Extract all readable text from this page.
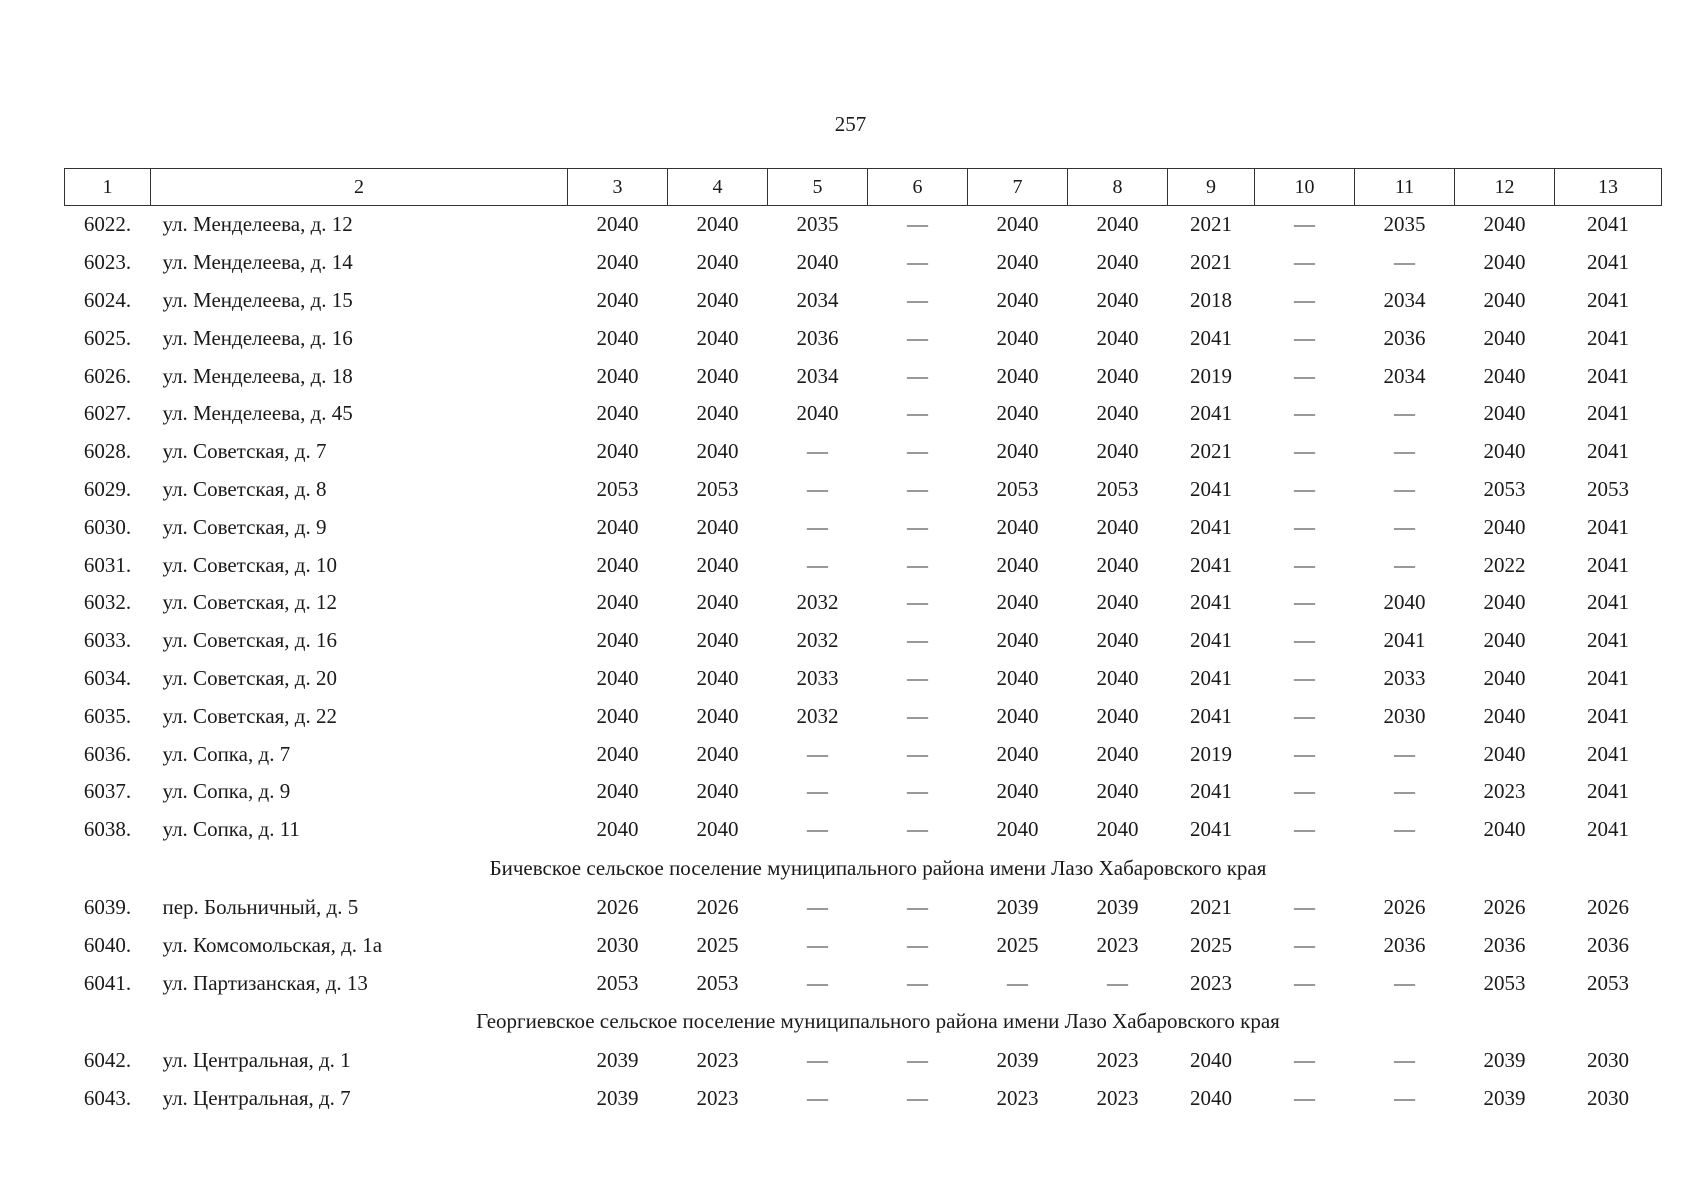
257
1	2	3	4	5	6	7	8	9	10	11	12	13
6022.	ул. Менделеева, д. 12	2040	2040	2035	—	2040	2040	2021	—	2035	2040	2041
6023.	ул. Менделеева, д. 14	2040	2040	2040	—	2040	2040	2021	—	—	2040	2041
6024.	ул. Менделеева, д. 15	2040	2040	2034	—	2040	2040	2018	—	2034	2040	2041
6025.	ул. Менделеева, д. 16	2040	2040	2036	—	2040	2040	2041	—	2036	2040	2041
6026.	ул. Менделеева, д. 18	2040	2040	2034	—	2040	2040	2019	—	2034	2040	2041
6027.	ул. Менделеева, д. 45	2040	2040	2040	—	2040	2040	2041	—	—	2040	2041
6028.	ул. Советская, д. 7	2040	2040	—	—	2040	2040	2021	—	—	2040	2041
6029.	ул. Советская, д. 8	2053	2053	—	—	2053	2053	2041	—	—	2053	2053
6030.	ул. Советская, д. 9	2040	2040	—	—	2040	2040	2041	—	—	2040	2041
6031.	ул. Советская, д. 10	2040	2040	—	—	2040	2040	2041	—	—	2022	2041
6032.	ул. Советская, д. 12	2040	2040	2032	—	2040	2040	2041	—	2040	2040	2041
6033.	ул. Советская, д. 16	2040	2040	2032	—	2040	2040	2041	—	2041	2040	2041
6034.	ул. Советская, д. 20	2040	2040	2033	—	2040	2040	2041	—	2033	2040	2041
6035.	ул. Советская, д. 22	2040	2040	2032	—	2040	2040	2041	—	2030	2040	2041
6036.	ул. Сопка, д. 7	2040	2040	—	—	2040	2040	2019	—	—	2040	2041
6037.	ул. Сопка, д. 9	2040	2040	—	—	2040	2040	2041	—	—	2023	2041
6038.	ул. Сопка, д. 11	2040	2040	—	—	2040	2040	2041	—	—	2040	2041
Бичевское сельское поселение муниципального района имени Лазо Хабаровского края												
6039.	пер. Больничный, д. 5	2026	2026	—	—	2039	2039	2021	—	2026	2026	2026
6040.	ул. Комсомольская, д. 1а	2030	2025	—	—	2025	2023	2025	—	2036	2036	2036
6041.	ул. Партизанская, д. 13	2053	2053	—	—	—	—	2023	—	—	2053	2053
Георгиевское сельское поселение муниципального района имени Лазо Хабаровского края												
6042.	ул. Центральная, д. 1	2039	2023	—	—	2039	2023	2040	—	—	2039	2030
6043.	ул. Центральная, д. 7	2039	2023	—	—	2023	2023	2040	—	—	2039	2030
